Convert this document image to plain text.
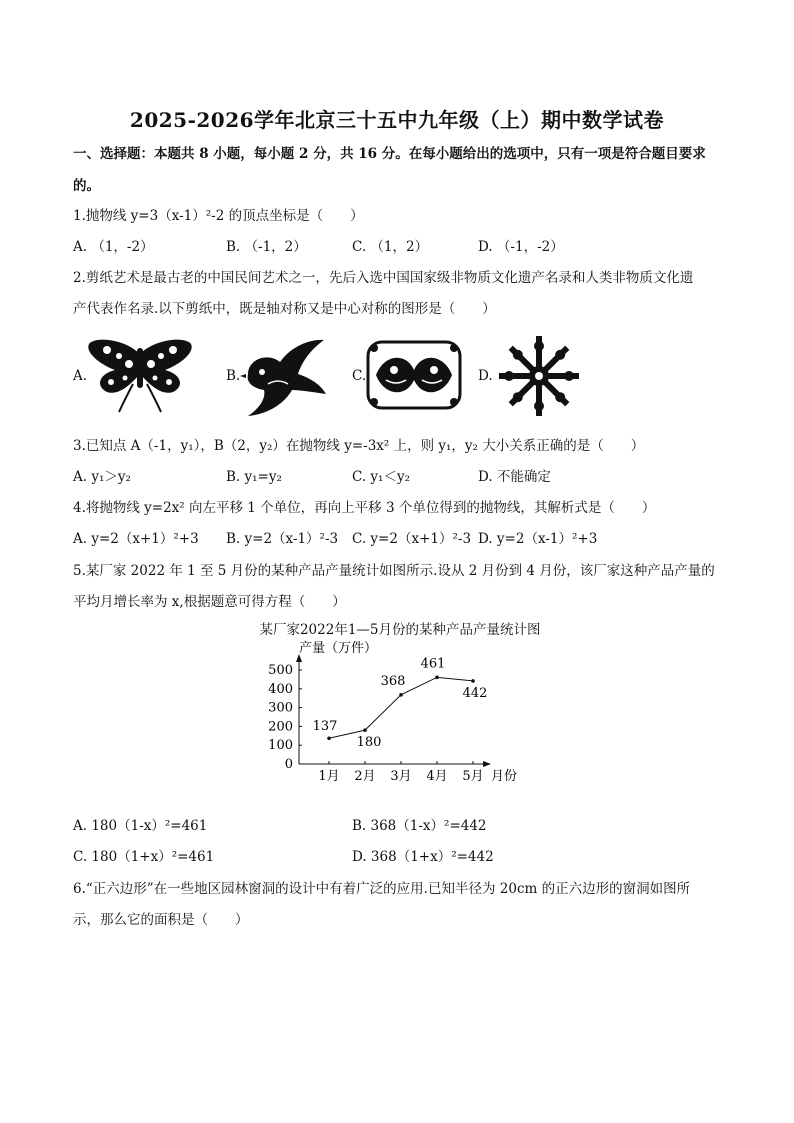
2025-2026学年北京三十五中九年级（上）期中数学试卷
一、选择题：本题共 8 小题，每小题 2 分，共 16 分。在每小题给出的选项中，只有一项是符合题目要求
的。
1.抛物线 y=3（x-1）²-2 的顶点坐标是（　　）
A. （1，-2）	B. （-1，2）	C. （1，2）	D. （-1，-2）
2.剪纸艺术是最古老的中国民间艺术之一，先后入选中国国家级非物质文化遗产名录和人类非物质文化遗
产代表作名录.以下剪纸中，既是轴对称又是中心对称的图形是（　　）
A.	B.	C.	D.
3.已知点 A（-1，y₁），B（2，y₂）在抛物线 y=-3x² 上，则 y₁，y₂ 大小关系正确的是（　　）
A. y₁＞y₂	B. y₁=y₂	C. y₁＜y₂	D. 不能确定
4.将抛物线 y=2x² 向左平移 1 个单位，再向上平移 3 个单位得到的抛物线，其解析式是（　　）
A. y=2（x+1）²+3 B. y=2（x-1）²-3 C. y=2（x+1）²-3 D. y=2（x-1）²+3
5.某厂家 2022 年 1 至 5 月份的某种产品产量统计如图所示.设从 2 月份到 4 月份，该厂家这种产品产量的
平均月增长率为 x,根据题意可得方程（　　）
某厂家2022年1—5月份的某种产品产量统计图
产量（万件）
月份
0
100
200
300
400
500
1月 2月 3月 4月 5月
137
180
368
461
442
A. 180（1-x）²=461	B. 368（1-x）²=442
C. 180（1+x）²=461	D. 368（1+x）²=442
6.“正六边形”在一些地区园林窗洞的设计中有着广泛的应用.已知半径为 20cm 的正六边形的窗洞如图所
示，那么它的面积是（　　）
